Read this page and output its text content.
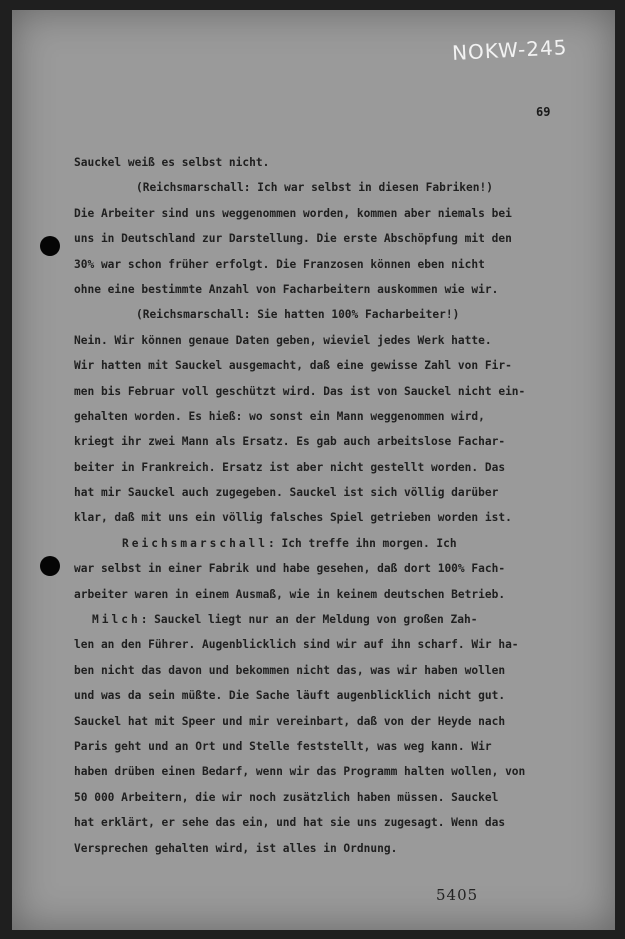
NOKW-245
69
Sauckel weiß es selbst nicht.
(Reichsmarschall: Ich war selbst in diesen Fabriken!)
Die Arbeiter sind uns weggenommen worden, kommen aber niemals bei
uns in Deutschland zur Darstellung. Die erste Abschöpfung mit den
30% war schon früher erfolgt. Die Franzosen können eben nicht
ohne eine bestimmte Anzahl von Facharbeitern auskommen wie wir.
(Reichsmarschall: Sie hatten 100% Facharbeiter!)
Nein. Wir können genaue Daten geben, wieviel jedes Werk hatte.
Wir hatten mit Sauckel ausgemacht, daß eine gewisse Zahl von Fir-
men bis Februar voll geschützt wird. Das ist von Sauckel nicht ein-
gehalten worden. Es hieß: wo sonst ein Mann weggenommen wird,
kriegt ihr zwei Mann als Ersatz. Es gab auch arbeitslose Fachar-
beiter in Frankreich. Ersatz ist aber nicht gestellt worden. Das
hat mir Sauckel auch zugegeben. Sauckel ist sich völlig darüber
klar, daß mit uns ein völlig falsches Spiel getrieben worden ist.
Reichsmarschall: Ich treffe ihn morgen. Ich
war selbst in einer Fabrik und habe gesehen, daß dort 100% Fach-
arbeiter waren in einem Ausmaß, wie in keinem deutschen Betrieb.
Milch: Sauckel liegt nur an der Meldung von großen Zah-
len an den Führer. Augenblicklich sind wir auf ihn scharf. Wir ha-
ben nicht das davon und bekommen nicht das, was wir haben wollen
und was da sein müßte. Die Sache läuft augenblicklich nicht gut.
Sauckel hat mit Speer und mir vereinbart, daß von der Heyde nach
Paris geht und an Ort und Stelle feststellt, was weg kann. Wir
haben drüben einen Bedarf, wenn wir das Programm halten wollen, von
50 000 Arbeitern, die wir noch zusätzlich haben müssen. Sauckel
hat erklärt, er sehe das ein, und hat sie uns zugesagt. Wenn das
Versprechen gehalten wird, ist alles in Ordnung.
5405
